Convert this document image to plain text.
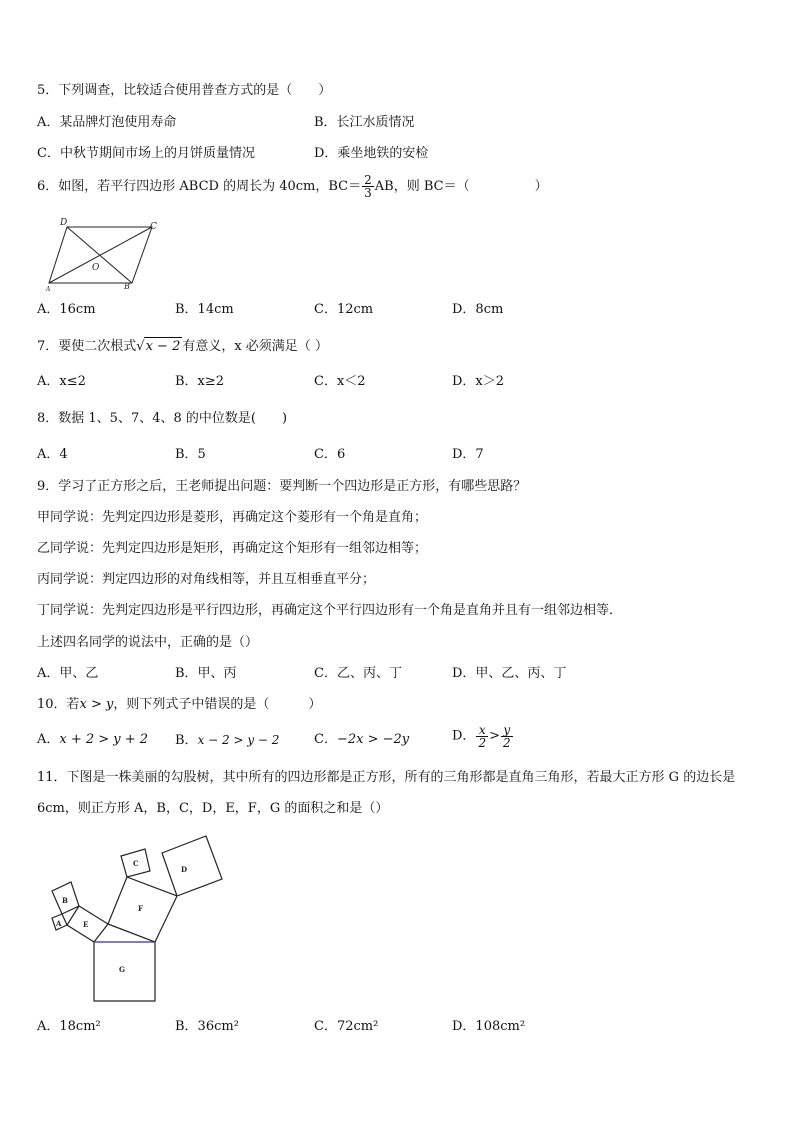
5．下列调查，比较适合使用普查方式的是（　　）
A．某品牌灯泡使用寿命	B．长江水质情况
C．中秋节期间市场上的月饼质量情况	D．乘坐地铁的安检
6．如图，若平行四边形 ABCD 的周长为 40cm，$BC= \frac{2}{3}$ AB，则 BC＝（　　　　　）
D	C
O
A	B
A．16cm	B．14cm	C．12cm	D．8cm
7．要使二次根式√x − 2 有意义，x 必须满足（ ）
A．x≤2	B．x≥2	C．x＜2	D．x＞2
8．数据 1、5、7、4、8 的中位数是(　　)
A．4	B．5	C．6	D．7
9．学习了正方形之后，王老师提出问题：要判断一个四边形是正方形，有哪些思路？
甲同学说：先判定四边形是菱形，再确定这个菱形有一个角是直角；
乙同学说：先判定四边形是矩形，再确定这个矩形有一组邻边相等；
丙同学说：判定四边形的对角线相等，并且互相垂直平分；
丁同学说：先判定四边形是平行四边形，再确定这个平行四边形有一个角是直角并且有一组邻边相等．
上述四名同学的说法中，正确的是（）
A．甲、乙	B．甲、丙	C．乙、丙、丁	D．甲、乙、丙、丁
10．若x > y，则下列式子中错误的是（　　　）
A．x + 2 > y + 2 B．x − 2 > y − 2	C．−2x > −2y	D． $\frac{x}{2} > \frac{y}{2}$
11．下图是一株美丽的勾股树，其中所有的四边形都是正方形，所有的三角形都是直角三角形，若最大正方形 G 的边长是
6cm，则正方形 A，B，C，D，E，F，G 的面积之和是（）
A
B
C
D
E
F
G
A．18cm²	B．36cm²	C．72cm²	D．108cm²
